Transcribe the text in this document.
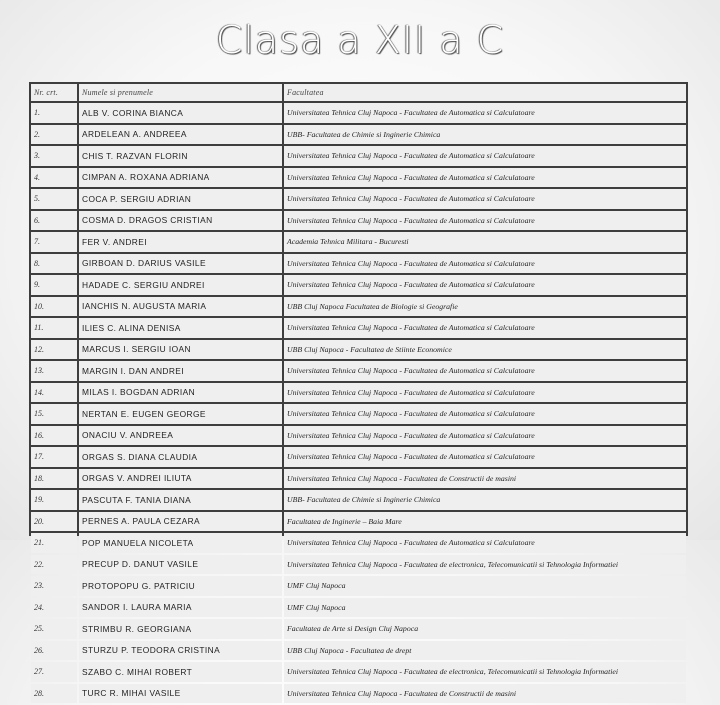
Clasa a XII a C
Nr. crt.	Numele si prenumele	Facultatea
1.	ALB V. CORINA BIANCA	Universitatea Tehnica Cluj Napoca - Facultatea de Automatica si Calculatoare
2.	ARDELEAN A. ANDREEA	UBB- Facultatea de Chimie si Inginerie Chimica
3.	CHIS T. RAZVAN FLORIN	Universitatea Tehnica Cluj Napoca - Facultatea de Automatica si Calculatoare
4.	CIMPAN A. ROXANA ADRIANA	Universitatea Tehnica Cluj Napoca - Facultatea de Automatica si Calculatoare
5.	COCA P. SERGIU ADRIAN	Universitatea Tehnica Cluj Napoca - Facultatea de Automatica si Calculatoare
6.	COSMA D. DRAGOS CRISTIAN	Universitatea Tehnica Cluj Napoca - Facultatea de Automatica si Calculatoare
7.	FER V. ANDREI	Academia Tehnica Militara - Bucuresti
8.	GIRBOAN D. DARIUS VASILE	Universitatea Tehnica Cluj Napoca - Facultatea de Automatica si Calculatoare
9.	HADADE C. SERGIU ANDREI	Universitatea Tehnica Cluj Napoca - Facultatea de Automatica si Calculatoare
10.	IANCHIS N. AUGUSTA MARIA	UBB Cluj Napoca Facultatea de Biologie si Geografie
11.	ILIES C. ALINA DENISA	Universitatea Tehnica Cluj Napoca - Facultatea de Automatica si Calculatoare
12.	MARCUS I. SERGIU IOAN	UBB Cluj Napoca - Facultatea de Stiinte Economice
13.	MARGIN I. DAN ANDREI	Universitatea Tehnica Cluj Napoca - Facultatea de Automatica si Calculatoare
14.	MILAS I. BOGDAN ADRIAN	Universitatea Tehnica Cluj Napoca - Facultatea de Automatica si Calculatoare
15.	NERTAN E. EUGEN GEORGE	Universitatea Tehnica Cluj Napoca - Facultatea de Automatica si Calculatoare
16.	ONACIU V. ANDREEA	Universitatea Tehnica Cluj Napoca - Facultatea de Automatica si Calculatoare
17.	ORGAS S. DIANA CLAUDIA	Universitatea Tehnica Cluj Napoca - Facultatea de Automatica si Calculatoare
18.	ORGAS V. ANDREI ILIUTA	Universitatea Tehnica Cluj Napoca - Facultatea de Constructii de masini
19.	PASCUTA F. TANIA DIANA	UBB- Facultatea de Chimie si Inginerie Chimica
20.	PERNES A. PAULA CEZARA	Facultatea de Inginerie – Baia Mare
21.	POP MANUELA NICOLETA	Universitatea Tehnica Cluj Napoca - Facultatea de Automatica si Calculatoare
22.	PRECUP D. DANUT VASILE	Universitatea Tehnica Cluj Napoca - Facultatea de electronica, Telecomunicatii si Tehnologia Informatiei
23.	PROTOPOPU G. PATRICIU	UMF Cluj Napoca
24.	SANDOR I. LAURA MARIA	UMF Cluj Napoca
25.	STRIMBU R. GEORGIANA	Facultatea de Arte si Design Cluj Napoca
26.	STURZU P. TEODORA CRISTINA	UBB Cluj Napoca - Facultatea de drept
27.	SZABO C. MIHAI ROBERT	Universitatea Tehnica Cluj Napoca - Facultatea de electronica, Telecomunicatii si Tehnologia Informatiei
28.	TURC R. MIHAI VASILE	Universitatea Tehnica Cluj Napoca - Facultatea de Constructii de masini
